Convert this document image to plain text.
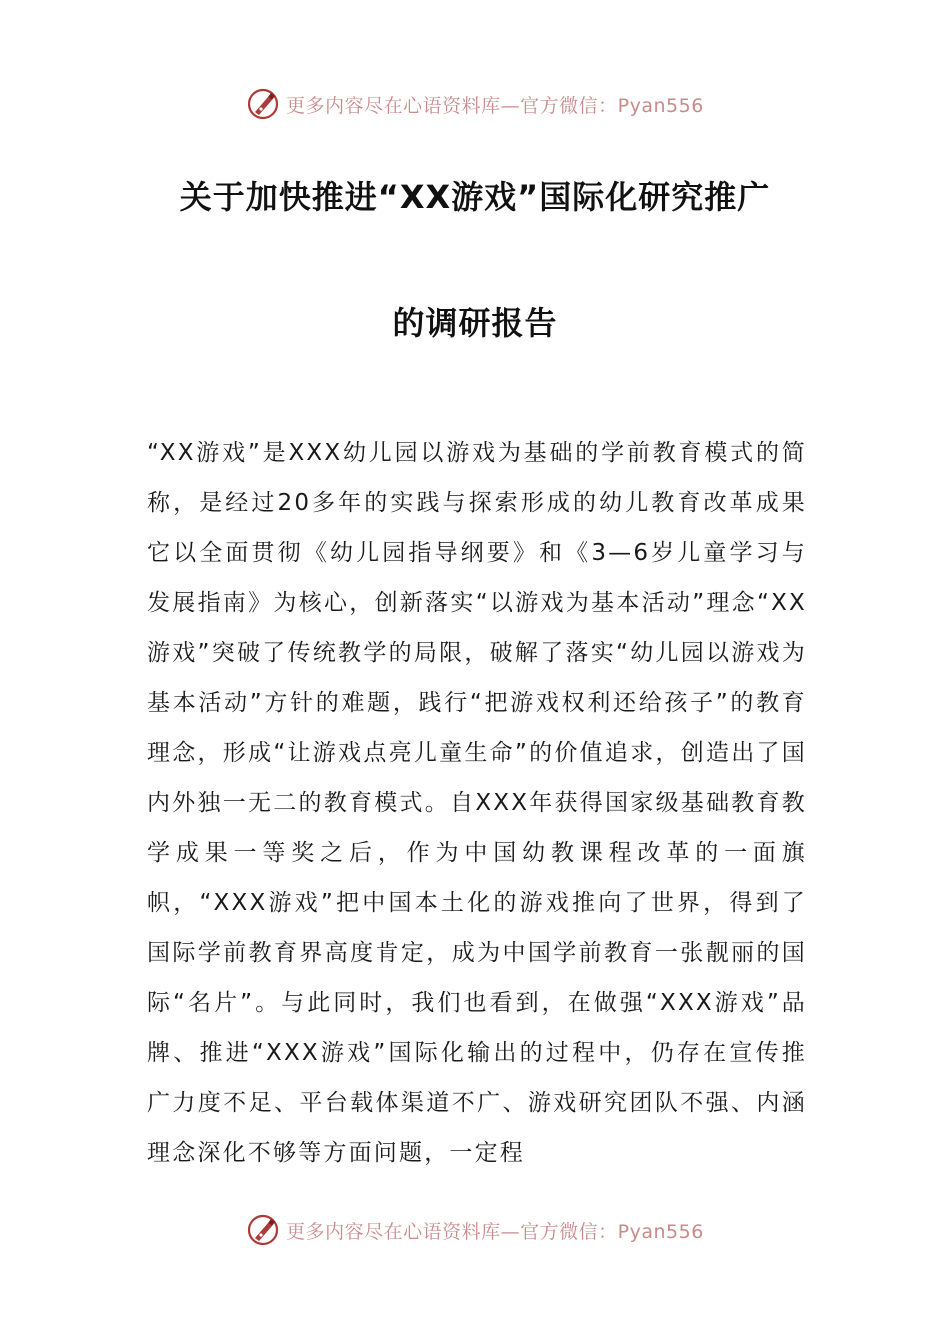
更多内容尽在心语资料库—官方微信：Pyan556
关于加快推进“XX游戏”国际化研究推广
的调研报告

“XX游戏”是XXX幼儿园以游戏为基础的学前教育模式的简称，是经过20多年的实践与探索形成的幼儿教育改革成果它以全面贯彻《幼儿园指导纲要》和《3—6岁儿童学习与发展指南》为核心，创新落实“以游戏为基本活动”理念“XX游戏”突破了传统教学的局限，破解了落实“幼儿园以游戏为基本活动”方针的难题，践行“把游戏权利还给孩子”的教育理念，形成“让游戏点亮儿童生命”的价值追求，创造出了国内外独一无二的教育模式。自XXX年获得国家级基础教育教学成果一等奖之后，作为中国幼教课程改革的一面旗帜，“XXX游戏”把中国本土化的游戏推向了世界，得到了国际学前教育界高度肯定，成为中国学前教育一张靓丽的国际“名片”。与此同时，我们也看到，在做强“XXX游戏”品牌、推进“XXX游戏”国际化输出的过程中，仍存在宣传推广力度不足、平台载体渠道不广、游戏研究团队不强、内涵理念深化不够等方面问题，一定程

更多内容尽在心语资料库—官方微信：Pyan556
